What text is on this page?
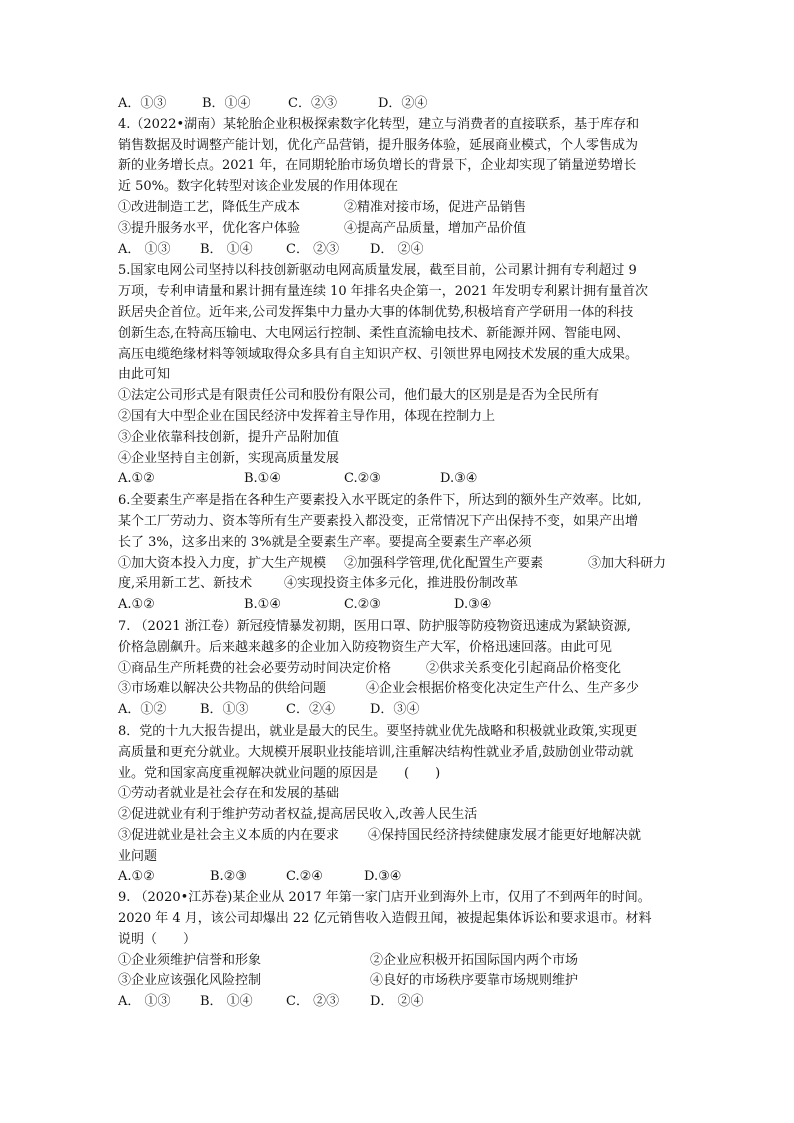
A．①③	B．①④	C．②③	D．②④
4.（2022•湖南）某轮胎企业积极探索数字化转型，建立与消费者的直接联系，基于库存和
销售数据及时调整产能计划，优化产品营销，提升服务体验，延展商业模式，个人零售成为
新的业务增长点。2021 年，在同期轮胎市场负增长的背景下，企业却实现了销量逆势增长
近 50%。数字化转型对该企业发展的作用体现在
①改进制造工艺，降低生产成本	②精准对接市场，促进产品销售
③提升服务水平，优化客户体验	④提高产品质量，增加产品价值
A． ①③ B． ①④	C． ②③ D． ②④
5.国家电网公司坚持以科技创新驱动电网高质量发展，截至目前，公司累计拥有专利超过 9
万项，专利申请量和累计拥有量连续 10 年排名央企第一，2021 年发明专利累计拥有量首次
跃居央企首位。近年来,公司发挥集中力量办大事的体制优势,积极培育产学研用一体的科技
创新生态,在特高压输电、大电网运行控制、柔性直流输电技术、新能源并网、智能电网、
高压电缆绝缘材料等领域取得众多具有自主知识产权、引领世界电网技术发展的重大成果。
由此可知
①法定公司形式是有限责任公司和股份有限公司，他们最大的区别是是否为全民所有
②国有大中型企业在国民经济中发挥着主导作用，体现在控制力上
③企业依靠科技创新，提升产品附加值
④企业坚持自主创新，实现高质量发展
A.①②	B.①④	C.②③	D.③④
6.全要素生产率是指在各种生产要素投入水平既定的条件下，所达到的额外生产效率。比如,
某个工厂劳动力、资本等所有生产要素投入都没变，正常情况下产出保持不变，如果产出增
长了 3%，这多出来的 3%就是全要素生产率。要提高全要素生产率必须
①加大资本投入力度，扩大生产规模 ②加强科学管理,优化配置生产要素	③加大科研力
度,采用新工艺、新技术 ④实现投资主体多元化，推进股份制改革
A.①②	B.①④	C.②③	D.③④
7. （2021 浙江卷）新冠疫情暴发初期，医用口罩、防护服等防疫物资迅速成为紧缺资源,
价格急剧飙升。后来越来越多的企业加入防疫物资生产大军，价格迅速回落。由此可见
①商品生产所耗费的社会必要劳动时间决定价格	②供求关系变化引起商品价格变化
③市场难以解决公共物品的供给问题	④企业会根据价格变化决定生产什么、生产多少
A．①②	B．①③	C．②④	D．③④
8．党的十九大报告提出，就业是最大的民生。要坚持就业优先战略和积极就业政策,实现更
高质量和更充分就业。大规模开展职业技能培训,注重解决结构性就业矛盾,鼓励创业带动就
业。党和国家高度重视解决就业问题的原因是　　(　　)
①劳动者就业是社会存在和发展的基础
②促进就业有利于维护劳动者权益,提高居民收入,改善人民生活
③促进就业是社会主义本质的内在要求 ④保持国民经济持续健康发展才能更好地解决就
业问题
A.①②	B.②③	C.②④	D.③④
9. （2020•江苏卷)某企业从 2017 年第一家门店开业到海外上市，仅用了不到两年的时间。
2020 年 4 月，该公司却爆出 22 亿元销售收入造假丑闻，被提起集体诉讼和要求退市。材料
说明（　　）
①企业须维护信誉和形象	②企业应积极开拓国际国内两个市场
③企业应该强化风险控制	④良好的市场秩序要靠市场规则维护
A． ①③ B． ①④	C． ②③ D． ②④
